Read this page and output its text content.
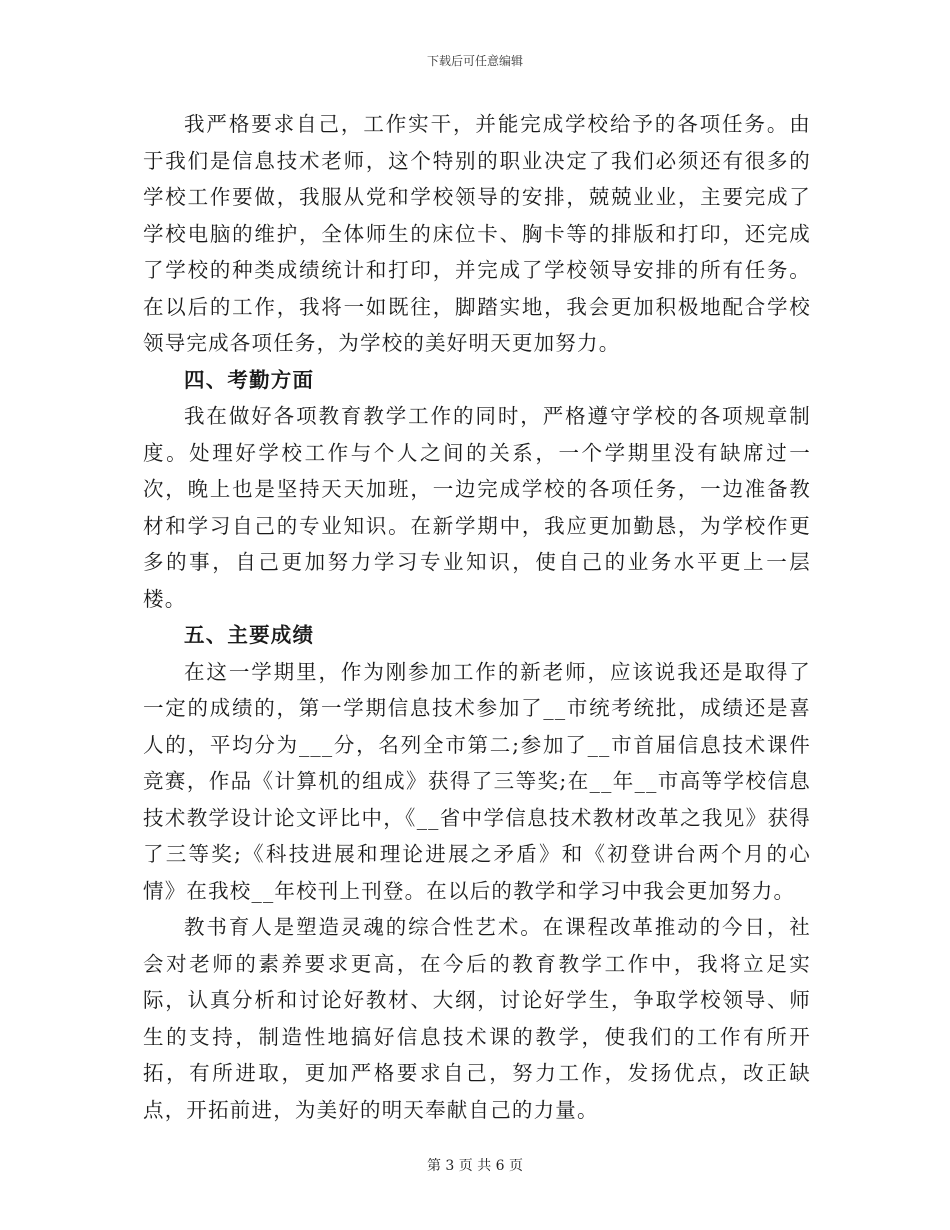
下载后可任意编辑

我严格要求自己，工作实干，并能完成学校给予的各项任务。由于我们是信息技术老师，这个特别的职业决定了我们必须还有很多的学校工作要做，我服从党和学校领导的安排，兢兢业业，主要完成了学校电脑的维护，全体师生的床位卡、胸卡等的排版和打印，还完成了学校的种类成绩统计和打印，并完成了学校领导安排的所有任务。在以后的工作，我将一如既往，脚踏实地，我会更加积极地配合学校领导完成各项任务，为学校的美好明天更加努力。

四、考勤方面

我在做好各项教育教学工作的同时，严格遵守学校的各项规章制度。处理好学校工作与个人之间的关系，一个学期里没有缺席过一次，晚上也是坚持天天加班，一边完成学校的各项任务，一边准备教材和学习自己的专业知识。在新学期中，我应更加勤恳，为学校作更多的事，自己更加努力学习专业知识，使自己的业务水平更上一层楼。

五、主要成绩

在这一学期里，作为刚参加工作的新老师，应该说我还是取得了一定的成绩的，第一学期信息技术参加了__市统考统批，成绩还是喜人的，平均分为___分，名列全市第二;参加了__市首届信息技术课件竞赛，作品《计算机的组成》获得了三等奖;在__年__市高等学校信息技术教学设计论文评比中，《__省中学信息技术教材改革之我见》获得了三等奖;《科技进展和理论进展之矛盾》和《初登讲台两个月的心情》在我校__年校刊上刊登。在以后的教学和学习中我会更加努力。

教书育人是塑造灵魂的综合性艺术。在课程改革推动的今日，社会对老师的素养要求更高，在今后的教育教学工作中，我将立足实际，认真分析和讨论好教材、大纲，讨论好学生，争取学校领导、师生的支持，制造性地搞好信息技术课的教学，使我们的工作有所开拓，有所进取，更加严格要求自己，努力工作，发扬优点，改正缺点，开拓前进，为美好的明天奉献自己的力量。

第 3 页 共 6 页
